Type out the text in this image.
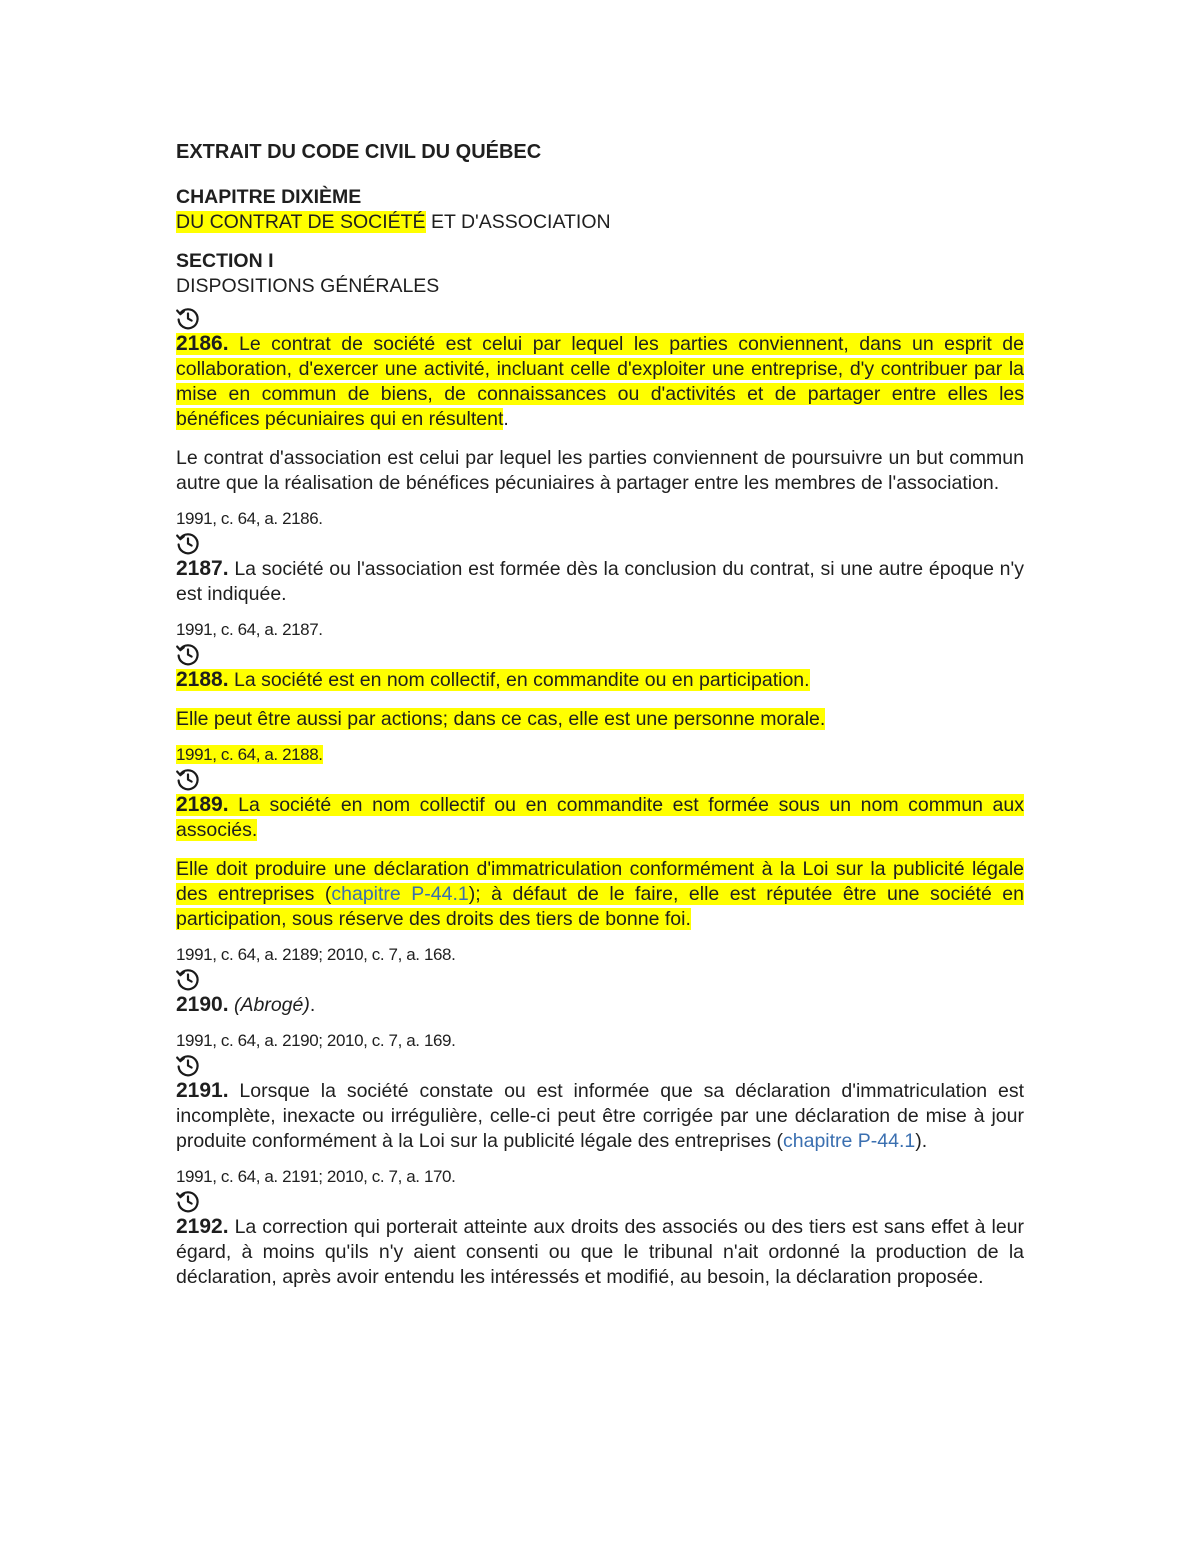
EXTRAIT DU CODE CIVIL DU QUÉBEC

CHAPITRE DIXIÈME

DU CONTRAT DE SOCIÉTÉ ET D'ASSOCIATION

SECTION I

DISPOSITIONS GÉNÉRALES

2186. Le contrat de société est celui par lequel les parties conviennent, dans un esprit de collaboration, d'exercer une activité, incluant celle d'exploiter une entreprise, d'y contribuer par la mise en commun de biens, de connaissances ou d'activités et de partager entre elles les bénéfices pécuniaires qui en résultent.

Le contrat d'association est celui par lequel les parties conviennent de poursuivre un but commun autre que la réalisation de bénéfices pécuniaires à partager entre les membres de l'association.

1991, c. 64, a. 2186.

2187. La société ou l'association est formée dès la conclusion du contrat, si une autre époque n'y est indiquée.

1991, c. 64, a. 2187.

2188. La société est en nom collectif, en commandite ou en participation.

Elle peut être aussi par actions; dans ce cas, elle est une personne morale.

1991, c. 64, a. 2188.

2189. La société en nom collectif ou en commandite est formée sous un nom commun aux associés.

Elle doit produire une déclaration d'immatriculation conformément à la Loi sur la publicité légale des entreprises (chapitre P-44.1); à défaut de le faire, elle est réputée être une société en participation, sous réserve des droits des tiers de bonne foi.

1991, c. 64, a. 2189; 2010, c. 7, a. 168.

2190. (Abrogé).

1991, c. 64, a. 2190; 2010, c. 7, a. 169.

2191. Lorsque la société constate ou est informée que sa déclaration d'immatriculation est incomplète, inexacte ou irrégulière, celle-ci peut être corrigée par une déclaration de mise à jour produite conformément à la Loi sur la publicité légale des entreprises (chapitre P-44.1).

1991, c. 64, a. 2191; 2010, c. 7, a. 170.

2192. La correction qui porterait atteinte aux droits des associés ou des tiers est sans effet à leur égard, à moins qu'ils n'y aient consenti ou que le tribunal n'ait ordonné la production de la déclaration, après avoir entendu les intéressés et modifié, au besoin, la déclaration proposée.
